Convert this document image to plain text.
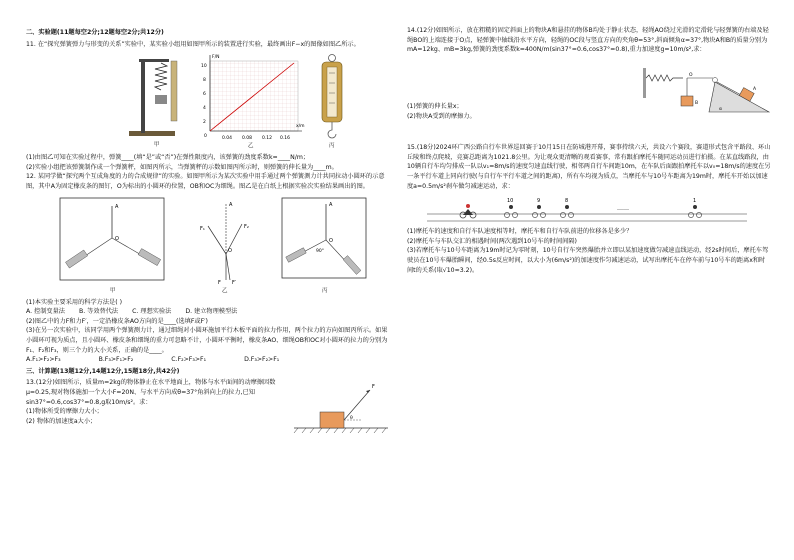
二、实验题(11题每空2分;12题每空2分;共12分)

11. 在“探究弹簧弹力与形变的关系”实验中，某实验小组用如图甲所示的装置进行实验，最终画出F−x的图像如图乙所示。

甲
F/N
x/m
0
10
8
6
4
2
0.04 0.08 0.12 0.16
乙	丙

(1)由图乙可知在实验过程中，弹簧____(填“是”或“否”)在弹性限度内，该弹簧的劲度系数k=____N/m；

(2)实验小组把该弹簧制作成一个弹簧秤，如图丙所示，当弹簧秤的示数如图丙所示时，则弹簧的伸长量为____m。

12. 某同学做“探究两个互成角度的力的合成规律”的实验。如图甲所示为某次实验中用手通过两个弹簧测力计共同拉动小圆环的示意图，其中A为固定橡皮条的图钉，O为标出的小圆环的位置，OB和OC为细绳。图乙是在白纸上根据实验次实验结果画出的图。

A
O
甲
A
O
F₁	F₂
F F′
乙
A
O
90°
丙

(1)本实验主要采用的科学方法是( )

A. 控制变量法 B. 等效替代法 C. 理想实验法 D. 建立物理模型法

(2)图乙中的力F和力F′，一定沿橡皮条AO方向的是____(选填F或F′)

(3)在另一次实验中，该同学用两个弹簧测力计，通过细绳对小圆环施加平行木板平面的拉力作用，两个拉力的方向如图丙所示。如果小圆环可视为质点，且小圆环、橡皮条和细绳的重力可忽略不计，小圆环平衡时，橡皮条AO、细绳OB和OC对小圆环的拉力的分别为F₁、F₂和F₃，则三个力的大小关系，正确的是____。

A.F₁>F₂>F₃	B.F₃>F₁>F₂	C.F₂>F₃>F₁	D.F₃>F₂>F₁
三、计算题(13题12分,14题12分,15题18分,共42分)

13.(12分)如图所示，质量m=2kg的物体静止在水平地面上，物体与水平面间的动摩擦因数μ=0.25,现对物体施加一个大小F=20N、与水平方向成θ=37°角斜向上的拉力,已知sin37°=0.6,cos37°=0.8,g取10m/s²。求：

(1)物体所受的摩擦力大小；

(2) 物体的加速度a大小；

F
θ

14.(12分)如图所示，放在粗糙的固定斜面上的物块A和悬挂的物体B均处于静止状态，轻绳AO绕过光滑的定滑轮与轻弹簧的右端及轻绳BO的上端连接于O点，轻弹簧中轴线沿水平方向，轻绳的OC段与竖直方向的夹角θ=53°,斜面倾角α=37°,物块A和B的质量分别为mA=12kg、mB=3kg,弹簧的劲度系数k=400N/m(sin37°=0.6,cos37°=0.8),重力加速度g=10m/s²,求：

(1)弹簧的伸长量x；

(2)物块A受到的摩擦力。

O
B
A
α

15.(18分)2024环广西公路自行车世界巡回赛于10月15日在防城港开幕，赛事持续六天，共设六个赛段，赛道形式包含平路段、环山丘陵和终点爬坡，竞赛总距离为1021.8公里。为让观众更清晰的观看赛事，常有跟拍摩托车随同运动员进行拍摄。在某直线路段，由10辆自行车均匀排成一队以v₁=8m/s的速度匀速直线行驶，相邻两自行车间距10m，在车队后面跟拍摩托车以v₀=18m/s的速度在另一条平行车道上同向行驶(与自行车平行车道之间的距离)，所有车均视为质点，当摩托车与10号车距离为19m时，摩托车开始以加速度a=0.5m/s²刹车做匀减速运动，求：

10	9	8	1
……

(1)摩托车的速度和自行车队速度相等时，摩托车和自行车队前进的位移各是多少？

(2)摩托车与车队交汇的相遇时间(两次遇到10号车的时间间隔)

(3)若摩托车与10号车距离为19m时记为零时刻，10号自行车突然爆胎并立即以某加速度做匀减速直线运动，经2s时间后，摩托车驾驶员在10号车爆胎瞬间，经0.5s反应时间，以大小为(6m/s²)的加速度作匀减速运动，试写出摩托车在停车前与10号车的距离x和时间t的关系(取√10≈3.2)。
